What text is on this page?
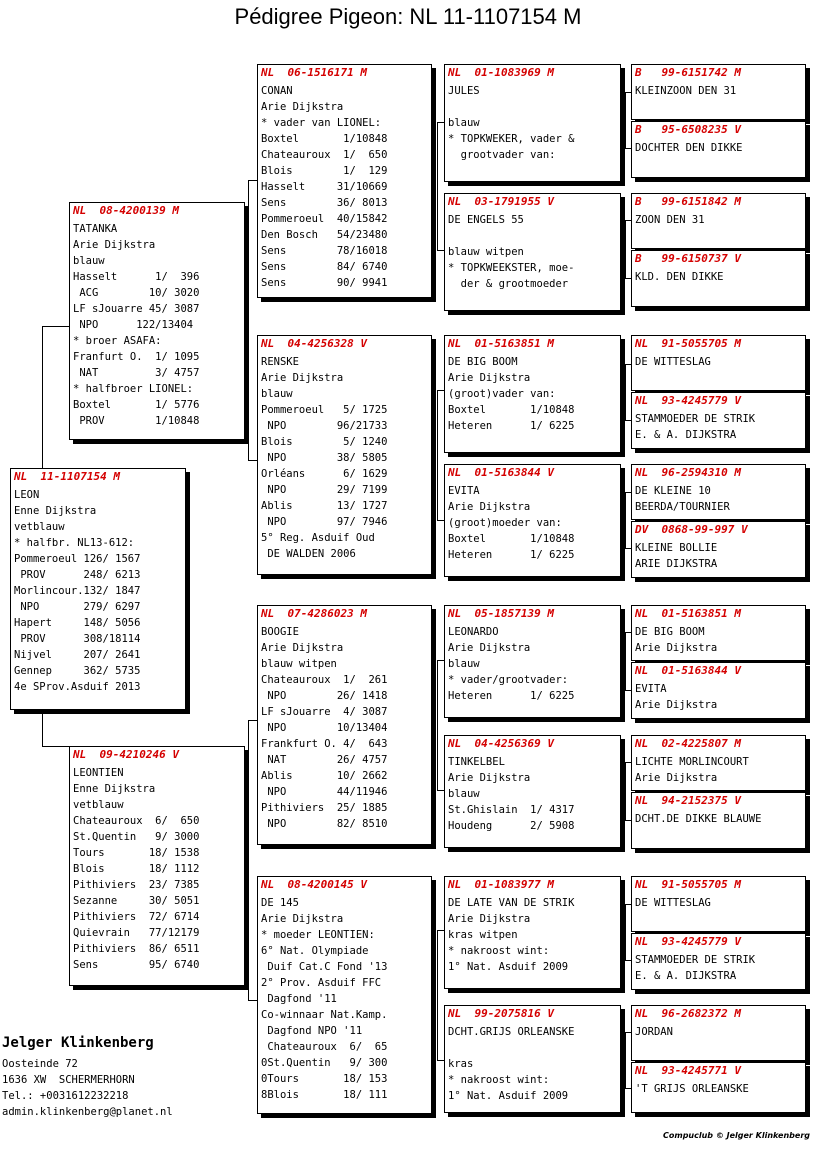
Pédigree Pigeon: NL 11-1107154 M
NL  11-1107154 M
LEON
Enne Dijkstra
vetblauw
* halfbr. NL13-612:
Pommeroeul 126/ 1567
PROV      248/ 6213
Morlincour.132/ 1847
NPO       279/ 6297
Hapert     148/ 5056
PROV      308/18114
Nijvel     207/ 2641
Gennep     362/ 5735
4e SProv.Asduif 2013
NL  08-4200139 M
TATANKA
Arie Dijkstra
blauw
Hasselt      1/  396
ACG        10/ 3020
LF sJouarre 45/ 3087
NPO      122/13404
* broer ASAFA:
Franfurt O.  1/ 1095
NAT         3/ 4757
* halfbroer LIONEL:
Boxtel       1/ 5776
PROV        1/10848
NL  09-4210246 V
LEONTIEN
Enne Dijkstra
vetblauw
Chateauroux  6/  650
St.Quentin   9/ 3000
Tours       18/ 1538
Blois       18/ 1112
Pithiviers  23/ 7385
Sezanne     30/ 5051
Pithiviers  72/ 6714
Quievrain   77/12179
Pithiviers  86/ 6511
Sens        95/ 6740
NL  06-1516171 M
CONAN
Arie Dijkstra
* vader van LIONEL:
Boxtel       1/10848
Chateauroux  1/  650
Blois        1/  129
Hasselt     31/10669
Sens        36/ 8013
Pommeroeul  40/15842
Den Bosch   54/23480
Sens        78/16018
Sens        84/ 6740
Sens        90/ 9941
NL  04-4256328 V
RENSKE
Arie Dijkstra
blauw
Pommeroeul   5/ 1725
NPO        96/21733
Blois        5/ 1240
NPO        38/ 5805
Orléans      6/ 1629
NPO        29/ 7199
Ablis       13/ 1727
NPO        97/ 7946
5° Reg. Asduif Oud
DE WALDEN 2006
NL  07-4286023 M
BOOGIE
Arie Dijkstra
blauw witpen
Chateauroux  1/  261
NPO        26/ 1418
LF sJouarre  4/ 3087
NPO        10/13404
Frankfurt O. 4/  643
NAT        26/ 4757
Ablis       10/ 2662
NPO        44/11946
Pithiviers  25/ 1885
NPO        82/ 8510
NL  08-4200145 V
DE 145
Arie Dijkstra
* moeder LEONTIEN:
6° Nat. Olympiade
Duif Cat.C Fond '13
2° Prov. Asduif FFC
Dagfond '11
Co-winnaar Nat.Kamp.
Dagfond NPO '11
Chateauroux  6/  65
0St.Quentin   9/ 300
0Tours       18/ 153
8Blois       18/ 111
NL  01-1083969 M
JULES
blauw
* TOPKWEKER, vader &
grootvader van:
NL  03-1791955 V
DE ENGELS 55
blauw witpen
* TOPKWEEKSTER, moe-
der & grootmoeder
NL  01-5163851 M
DE BIG BOOM
Arie Dijkstra
(groot)vader van:
Boxtel       1/10848
Heteren      1/ 6225
NL  01-5163844 V
EVITA
Arie Dijkstra
(groot)moeder van:
Boxtel       1/10848
Heteren      1/ 6225
NL  05-1857139 M
LEONARDO
Arie Dijkstra
blauw
* vader/grootvader:
Heteren      1/ 6225
NL  04-4256369 V
TINKELBEL
Arie Dijkstra
blauw
St.Ghislain  1/ 4317
Houdeng      2/ 5908
NL  01-1083977 M
DE LATE VAN DE STRIK
Arie Dijkstra
kras witpen
* nakroost wint:
1° Nat. Asduif 2009
NL  99-2075816 V
DCHT.GRIJS ORLEANSKE
kras
* nakroost wint:
1° Nat. Asduif 2009
B   99-6151742 M
KLEINZOON DEN 31
B   95-6508235 V
DOCHTER DEN DIKKE
B   99-6151842 M
ZOON DEN 31
B   99-6150737 V
KLD. DEN DIKKE
NL  91-5055705 M
DE WITTESLAG
NL  93-4245779 V
STAMMOEDER DE STRIK
E. & A. DIJKSTRA
NL  96-2594310 M
DE KLEINE 10
BEERDA/TOURNIER
DV  0868-99-997 V
KLEINE BOLLIE
ARIE DIJKSTRA
NL  01-5163851 M
DE BIG BOOM
Arie Dijkstra
NL  01-5163844 V
EVITA
Arie Dijkstra
NL  02-4225807 M
LICHTE MORLINCOURT
Arie Dijkstra
NL  94-2152375 V
DCHT.DE DIKKE BLAUWE
NL  91-5055705 M
DE WITTESLAG
NL  93-4245779 V
STAMMOEDER DE STRIK
E. & A. DIJKSTRA
NL  96-2682372 M
JORDAN
NL  93-4245771 V
'T GRIJS ORLEANSKE
Jelger Klinkenberg
Oosteinde 72
1636 XW  SCHERMERHORN
Tel.: +0031612232218
admin.klinkenberg@planet.nl
Compuclub © Jelger Klinkenberg
